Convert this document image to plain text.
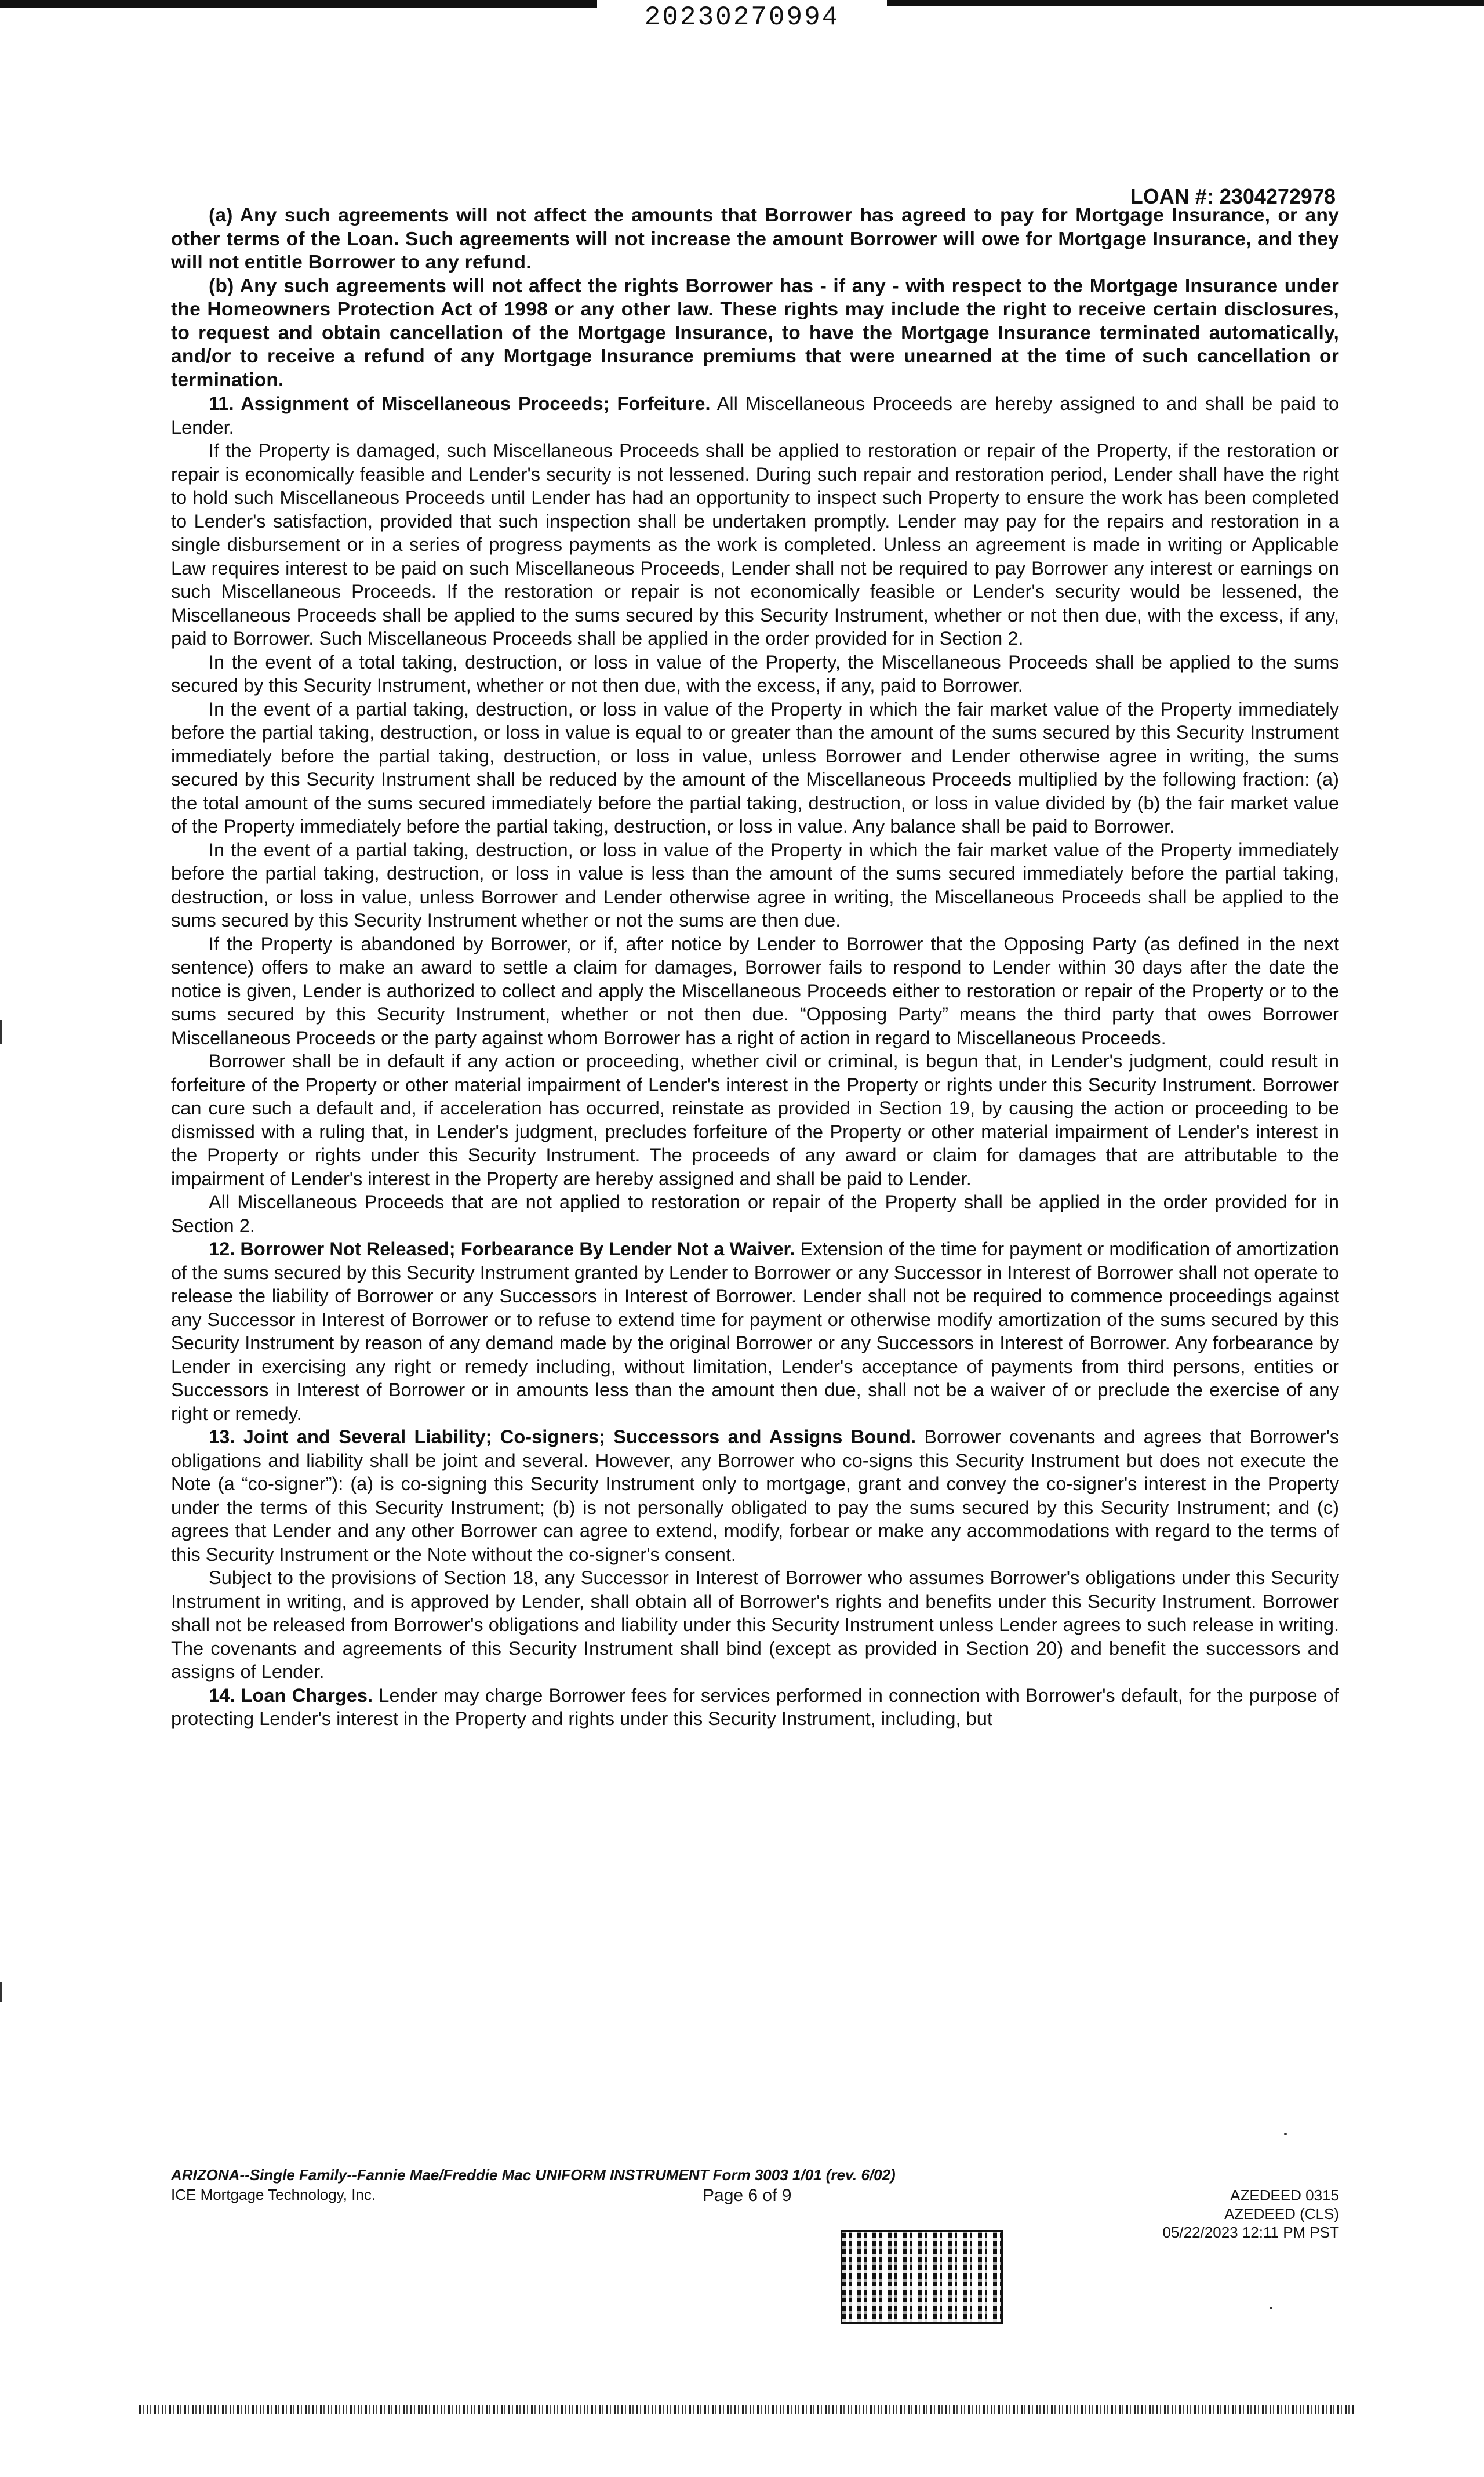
20230270994
LOAN #: 2304272978

(a) Any such agreements will not affect the amounts that Borrower has agreed to pay for Mortgage Insurance, or any other terms of the Loan. Such agreements will not increase the amount Borrower will owe for Mortgage Insurance, and they will not entitle Borrower to any refund.

(b) Any such agreements will not affect the rights Borrower has - if any - with respect to the Mortgage Insurance under the Homeowners Protection Act of 1998 or any other law. These rights may include the right to receive certain disclosures, to request and obtain cancellation of the Mortgage Insurance, to have the Mortgage Insurance terminated automatically, and/or to receive a refund of any Mortgage Insurance premiums that were unearned at the time of such cancellation or termination.

11. Assignment of Miscellaneous Proceeds; Forfeiture. All Miscellaneous Proceeds are hereby assigned to and shall be paid to Lender.

If the Property is damaged, such Miscellaneous Proceeds shall be applied to restoration or repair of the Property, if the restoration or repair is economically feasible and Lender's security is not lessened. During such repair and restoration period, Lender shall have the right to hold such Miscellaneous Proceeds until Lender has had an opportunity to inspect such Property to ensure the work has been completed to Lender's satisfaction, provided that such inspection shall be undertaken promptly. Lender may pay for the repairs and restoration in a single disbursement or in a series of progress payments as the work is completed. Unless an agreement is made in writing or Applicable Law requires interest to be paid on such Miscellaneous Proceeds, Lender shall not be required to pay Borrower any interest or earnings on such Miscellaneous Proceeds. If the restoration or repair is not economically feasible or Lender's security would be lessened, the Miscellaneous Proceeds shall be applied to the sums secured by this Security Instrument, whether or not then due, with the excess, if any, paid to Borrower. Such Miscellaneous Proceeds shall be applied in the order provided for in Section 2.

In the event of a total taking, destruction, or loss in value of the Property, the Miscellaneous Proceeds shall be applied to the sums secured by this Security Instrument, whether or not then due, with the excess, if any, paid to Borrower.

In the event of a partial taking, destruction, or loss in value of the Property in which the fair market value of the Property immediately before the partial taking, destruction, or loss in value is equal to or greater than the amount of the sums secured by this Security Instrument immediately before the partial taking, destruction, or loss in value, unless Borrower and Lender otherwise agree in writing, the sums secured by this Security Instrument shall be reduced by the amount of the Miscellaneous Proceeds multiplied by the following fraction: (a) the total amount of the sums secured immediately before the partial taking, destruction, or loss in value divided by (b) the fair market value of the Property immediately before the partial taking, destruction, or loss in value. Any balance shall be paid to Borrower.

In the event of a partial taking, destruction, or loss in value of the Property in which the fair market value of the Property immediately before the partial taking, destruction, or loss in value is less than the amount of the sums secured immediately before the partial taking, destruction, or loss in value, unless Borrower and Lender otherwise agree in writing, the Miscellaneous Proceeds shall be applied to the sums secured by this Security Instrument whether or not the sums are then due.

If the Property is abandoned by Borrower, or if, after notice by Lender to Borrower that the Opposing Party (as defined in the next sentence) offers to make an award to settle a claim for damages, Borrower fails to respond to Lender within 30 days after the date the notice is given, Lender is authorized to collect and apply the Miscellaneous Proceeds either to restoration or repair of the Property or to the sums secured by this Security Instrument, whether or not then due. “Opposing Party” means the third party that owes Borrower Miscellaneous Proceeds or the party against whom Borrower has a right of action in regard to Miscellaneous Proceeds.

Borrower shall be in default if any action or proceeding, whether civil or criminal, is begun that, in Lender's judgment, could result in forfeiture of the Property or other material impairment of Lender's interest in the Property or rights under this Security Instrument. Borrower can cure such a default and, if acceleration has occurred, reinstate as provided in Section 19, by causing the action or proceeding to be dismissed with a ruling that, in Lender's judgment, precludes forfeiture of the Property or other material impairment of Lender's interest in the Property or rights under this Security Instrument. The proceeds of any award or claim for damages that are attributable to the impairment of Lender's interest in the Property are hereby assigned and shall be paid to Lender.

All Miscellaneous Proceeds that are not applied to restoration or repair of the Property shall be applied in the order provided for in Section 2.

12. Borrower Not Released; Forbearance By Lender Not a Waiver. Extension of the time for payment or modification of amortization of the sums secured by this Security Instrument granted by Lender to Borrower or any Successor in Interest of Borrower shall not operate to release the liability of Borrower or any Successors in Interest of Borrower. Lender shall not be required to commence proceedings against any Successor in Interest of Borrower or to refuse to extend time for payment or otherwise modify amortization of the sums secured by this Security Instrument by reason of any demand made by the original Borrower or any Successors in Interest of Borrower. Any forbearance by Lender in exercising any right or remedy including, without limitation, Lender's acceptance of payments from third persons, entities or Successors in Interest of Borrower or in amounts less than the amount then due, shall not be a waiver of or preclude the exercise of any right or remedy.

13. Joint and Several Liability; Co-signers; Successors and Assigns Bound. Borrower covenants and agrees that Borrower's obligations and liability shall be joint and several. However, any Borrower who co-signs this Security Instrument but does not execute the Note (a “co-signer”): (a) is co-signing this Security Instrument only to mortgage, grant and convey the co-signer's interest in the Property under the terms of this Security Instrument; (b) is not personally obligated to pay the sums secured by this Security Instrument; and (c) agrees that Lender and any other Borrower can agree to extend, modify, forbear or make any accommodations with regard to the terms of this Security Instrument or the Note without the co-signer's consent.

Subject to the provisions of Section 18, any Successor in Interest of Borrower who assumes Borrower's obligations under this Security Instrument in writing, and is approved by Lender, shall obtain all of Borrower's rights and benefits under this Security Instrument. Borrower shall not be released from Borrower's obligations and liability under this Security Instrument unless Lender agrees to such release in writing. The covenants and agreements of this Security Instrument shall bind (except as provided in Section 20) and benefit the successors and assigns of Lender.

14. Loan Charges. Lender may charge Borrower fees for services performed in connection with Borrower's default, for the purpose of protecting Lender's interest in the Property and rights under this Security Instrument, including, but

ARIZONA--Single Family--Fannie Mae/Freddie Mac UNIFORM INSTRUMENT Form 3003 1/01 (rev. 6/02)
ICE Mortgage Technology, Inc.	Page 6 of 9	AZEDEED 0315
AZEDEED (CLS)
05/22/2023 12:11 PM PST
